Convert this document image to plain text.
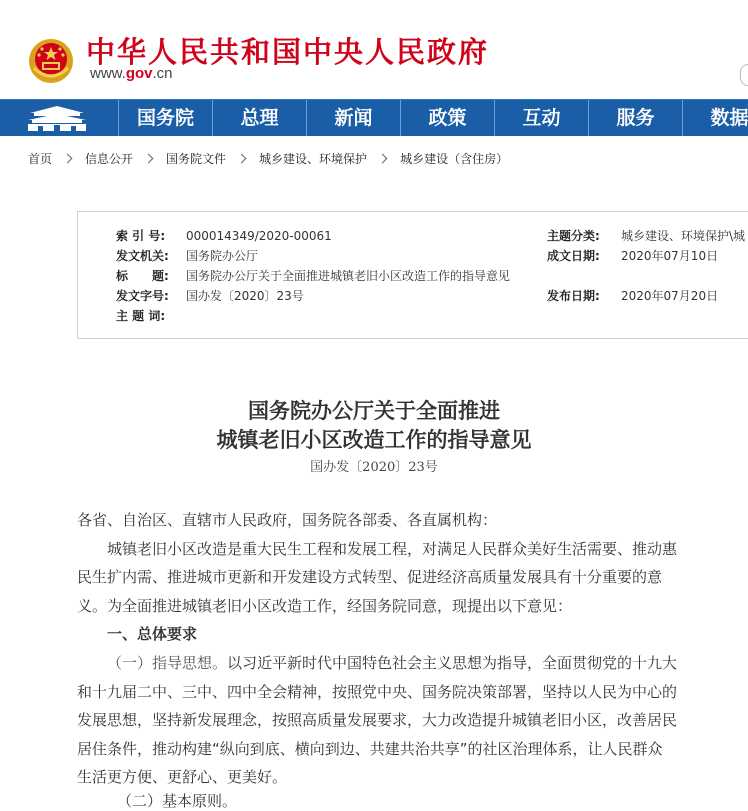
中华人民共和国中央人民政府
www.gov.cn
国务院	总理	新闻	政策	互动	服务	数据
首页	信息公开	国务院文件	城乡建设、环境保护	城乡建设（含住房）
索 引 号: 000014349/2020-00061
发文机关: 国务院办公厅
标　　题: 国务院办公厅关于全面推进城镇老旧小区改造工作的指导意见
发文字号: 国办发〔2020〕23号
主 题 词:
主题分类: 城乡建设、环境保护\城
成文日期: 2020年07月10日
发布日期: 2020年07月20日
国务院办公厅关于全面推进
城镇老旧小区改造工作的指导意见
国办发〔2020〕23号

各省、自治区、直辖市人民政府，国务院各部委、各直属机构：

城镇老旧小区改造是重大民生工程和发展工程，对满足人民群众美好生活需要、推动惠

民生扩内需、推进城市更新和开发建设方式转型、促进经济高质量发展具有十分重要的意

义。为全面推进城镇老旧小区改造工作，经国务院同意，现提出以下意见：

一、总体要求

（一）指导思想。以习近平新时代中国特色社会主义思想为指导，全面贯彻党的十九大

和十九届二中、三中、四中全会精神，按照党中央、国务院决策部署，坚持以人民为中心的

发展思想，坚持新发展理念，按照高质量发展要求，大力改造提升城镇老旧小区，改善居民

居住条件，推动构建“纵向到底、横向到边、共建共治共享”的社区治理体系，让人民群众

生活更方便、更舒心、更美好。

（二）基本原则。
